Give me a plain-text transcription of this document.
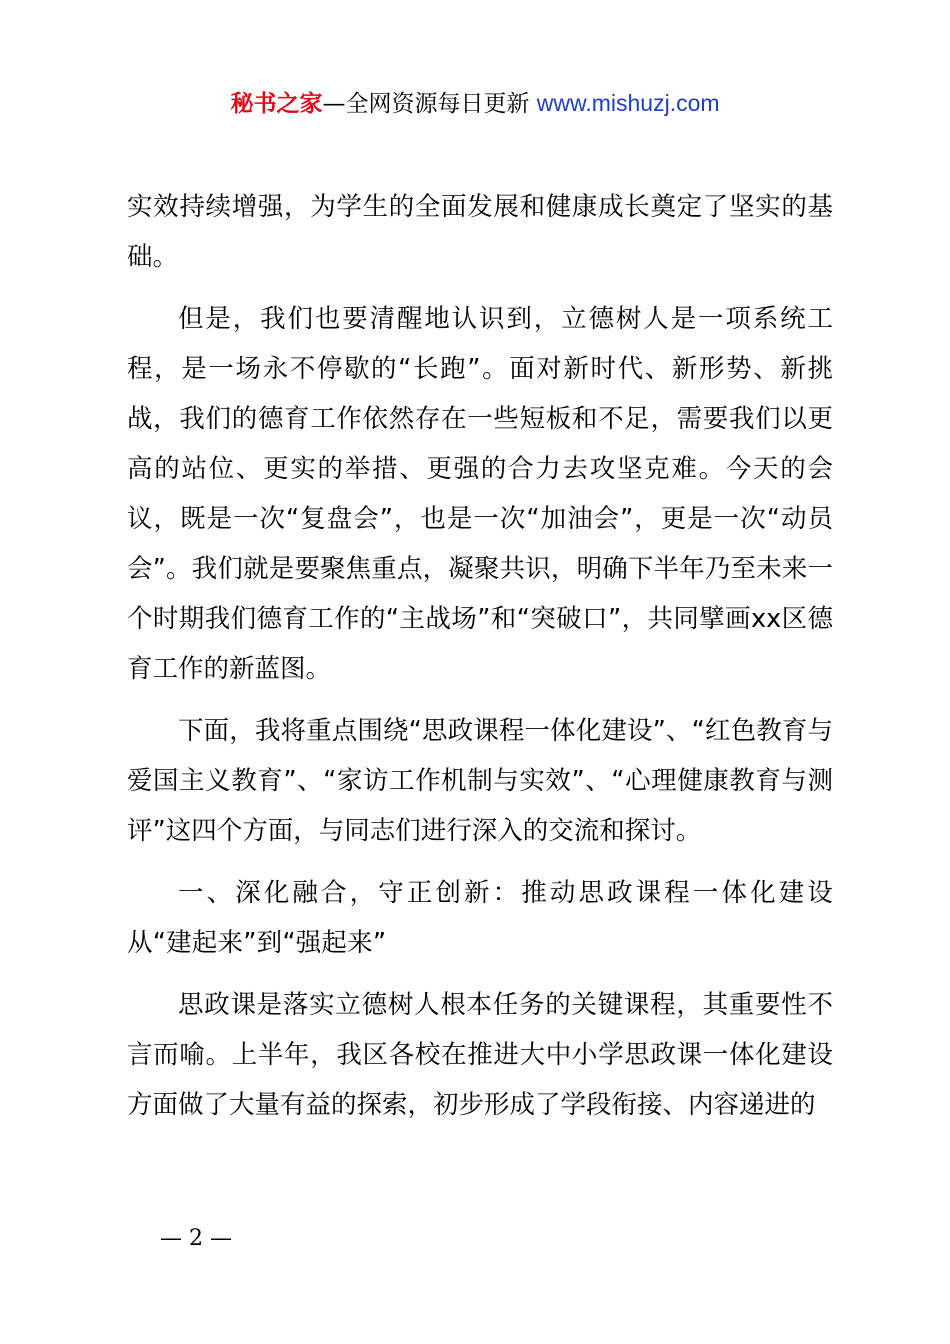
秘书之家—全网资源每日更新 www.mishuzj.com

实效持续增强，为学生的全面发展和健康成长奠定了坚实的基础。

但是，我们也要清醒地认识到，立德树人是一项系统工程，是一场永不停歇的“长跑”。面对新时代、新形势、新挑战，我们的德育工作依然存在一些短板和不足，需要我们以更高的站位、更实的举措、更强的合力去攻坚克难。今天的会议，既是一次“复盘会”，也是一次“加油会”，更是一次“动员会”。我们就是要聚焦重点，凝聚共识，明确下半年乃至未来一个时期我们德育工作的“主战场”和“突破口”，共同擘画xx区德育工作的新蓝图。

下面，我将重点围绕“思政课程一体化建设”、“红色教育与爱国主义教育”、“家访工作机制与实效”、“心理健康教育与测评”这四个方面，与同志们进行深入的交流和探讨。

一、深化融合，守正创新：推动思政课程一体化建设从“建起来”到“强起来”

思政课是落实立德树人根本任务的关键课程，其重要性不言而喻。上半年，我区各校在推进大中小学思政课一体化建设方面做了大量有益的探索，初步形成了学段衔接、内容递进的

— 2 —
